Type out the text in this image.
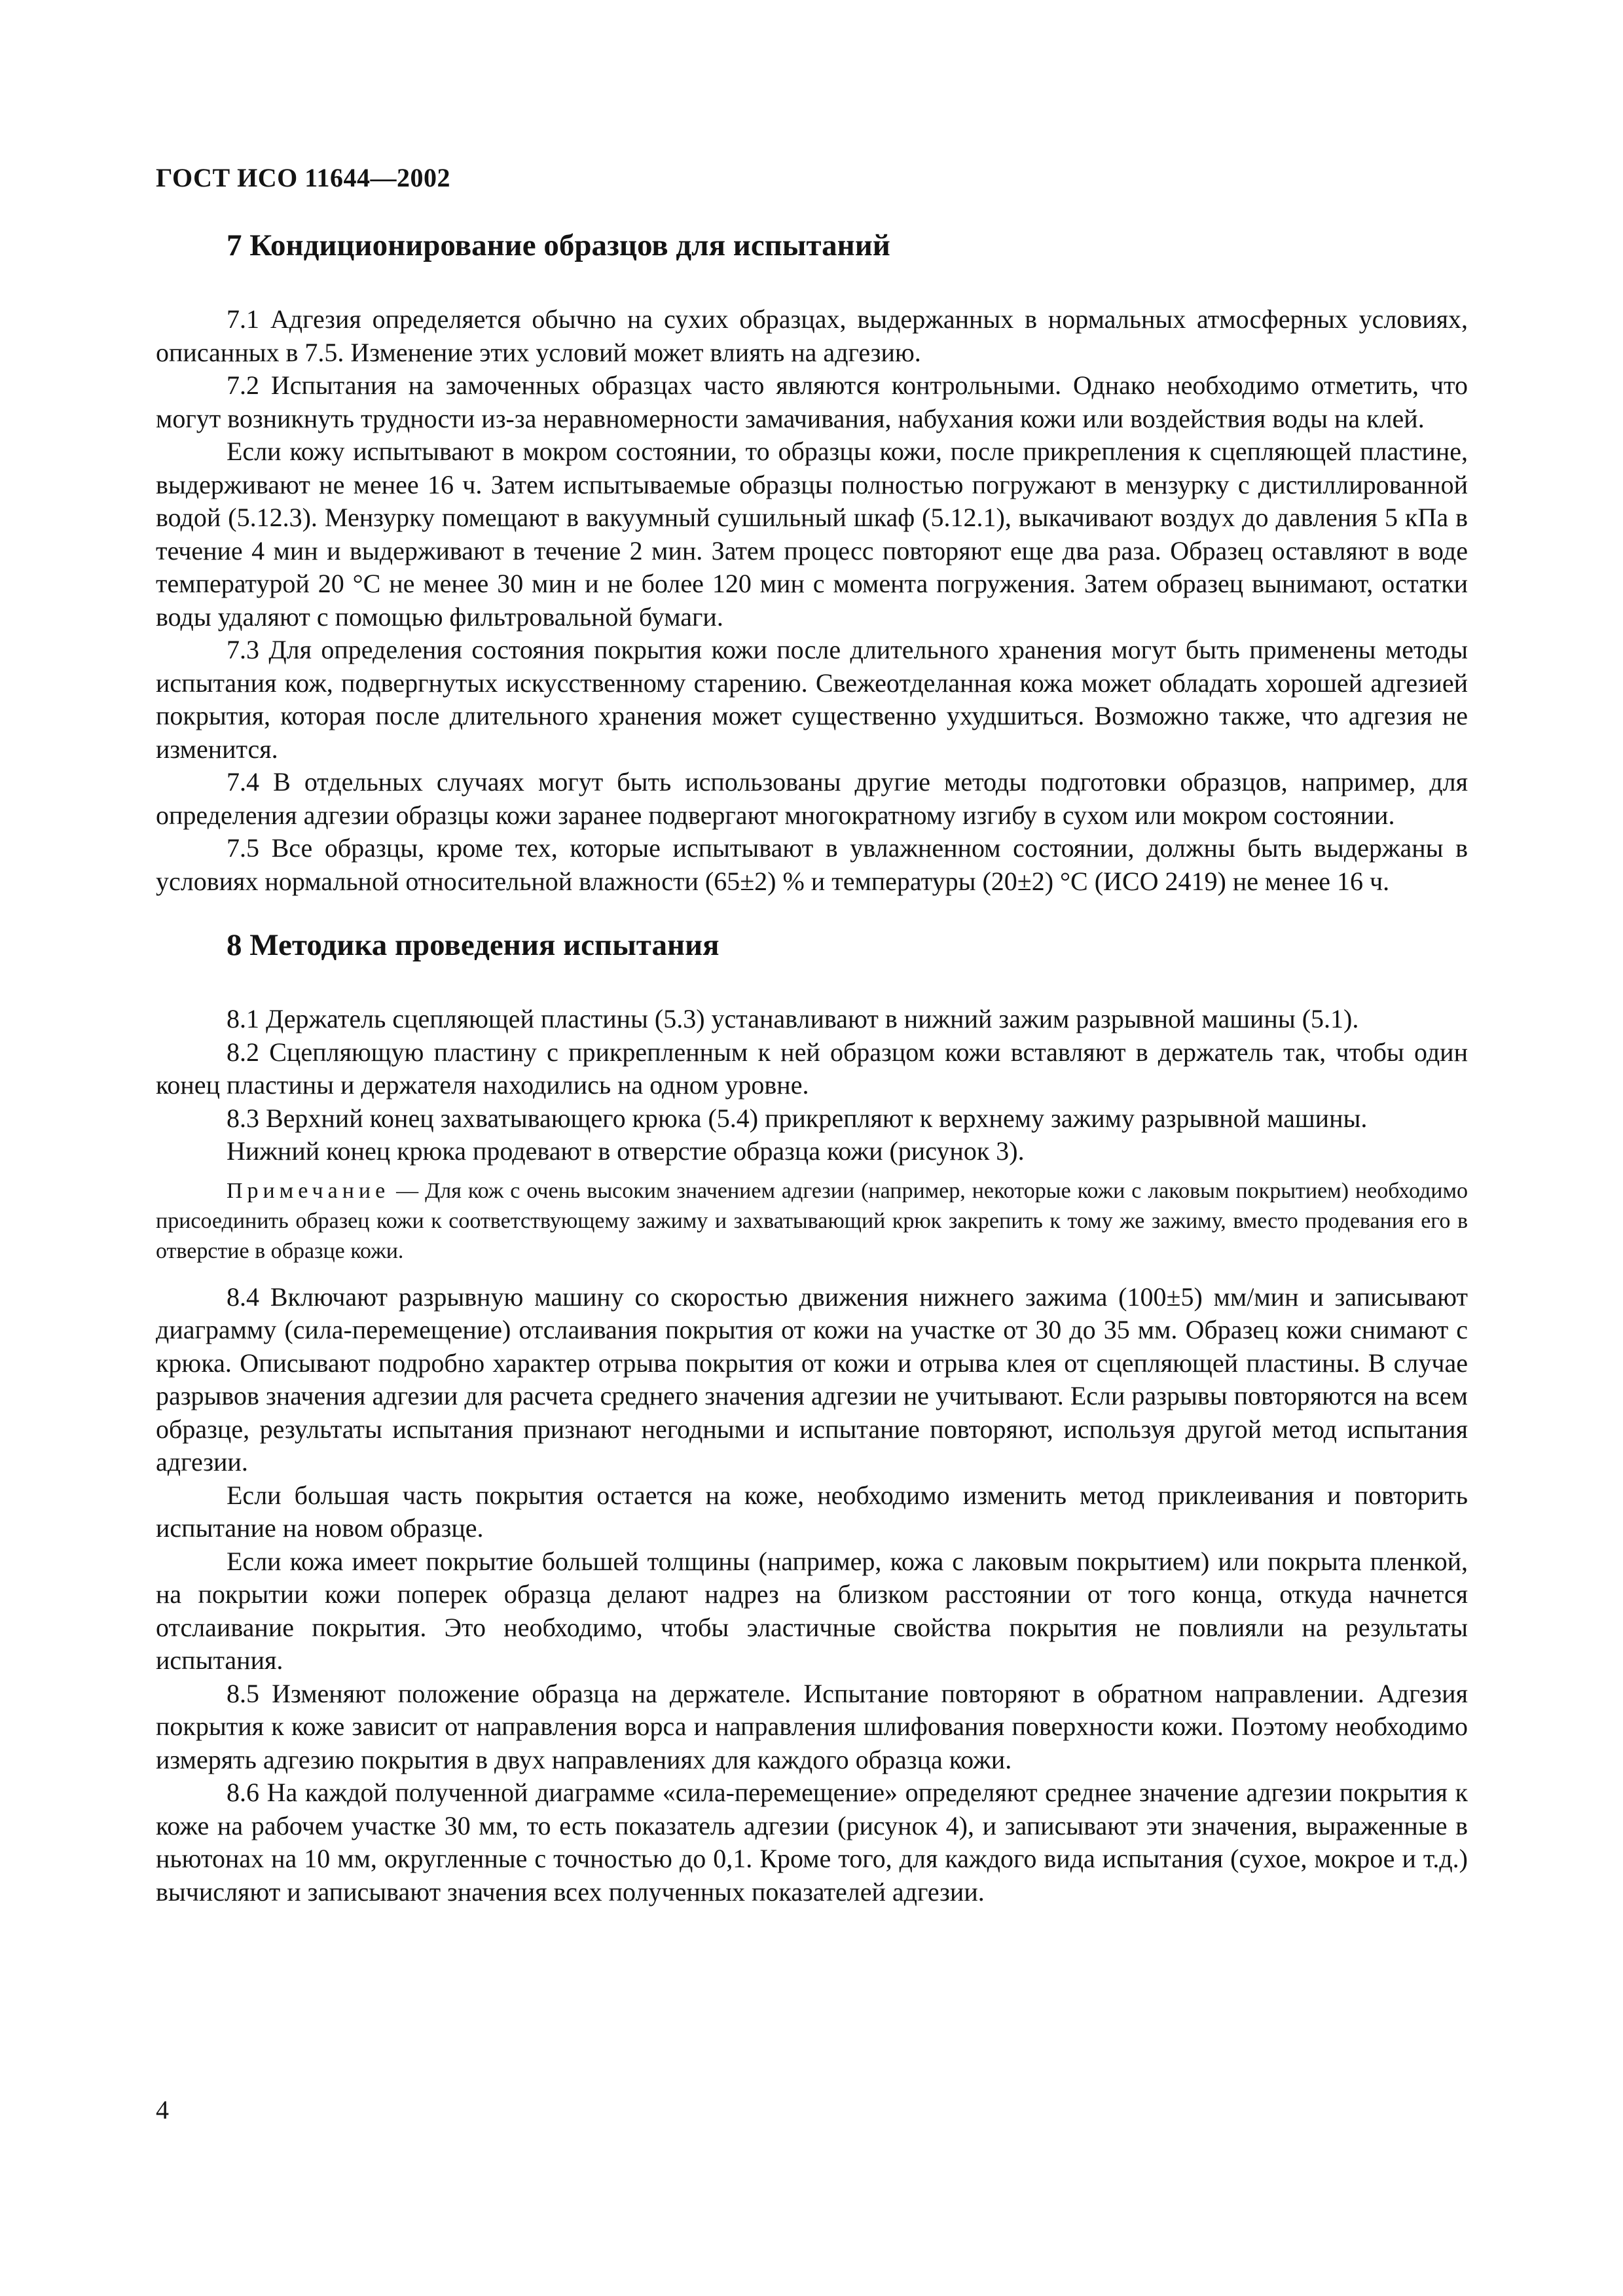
ГОСТ ИСО 11644—2002
7 Кондиционирование образцов для испытаний

7.1 Адгезия определяется обычно на сухих образцах, выдержанных в нормальных атмосферных условиях, описанных в 7.5. Изменение этих условий может влиять на адгезию.

7.2 Испытания на замоченных образцах часто являются контрольными. Однако необходимо отметить, что могут возникнуть трудности из-за неравномерности замачивания, набухания кожи или воздействия воды на клей.

Если кожу испытывают в мокром состоянии, то образцы кожи, после прикрепления к сцепляющей пластине, выдерживают не менее 16 ч. Затем испытываемые образцы полностью погружают в мензурку с дистиллированной водой (5.12.3). Мензурку помещают в вакуумный сушильный шкаф (5.12.1), выкачивают воздух до давления 5 кПа в течение 4 мин и выдерживают в течение 2 мин. Затем процесс повторяют еще два раза. Образец оставляют в воде температурой 20 °С не менее 30 мин и не более 120 мин с момента погружения. Затем образец вынимают, остатки воды удаляют с помощью фильтровальной бумаги.

7.3 Для определения состояния покрытия кожи после длительного хранения могут быть применены методы испытания кож, подвергнутых искусственному старению. Свежеотделанная кожа может обладать хорошей адгезией покрытия, которая после длительного хранения может существенно ухудшиться. Возможно также, что адгезия не изменится.

7.4 В отдельных случаях могут быть использованы другие методы подготовки образцов, например, для определения адгезии образцы кожи заранее подвергают многократному изгибу в сухом или мокром состоянии.

7.5 Все образцы, кроме тех, которые испытывают в увлажненном состоянии, должны быть выдержаны в условиях нормальной относительной влажности (65±2) % и температуры (20±2) °С (ИСО 2419) не менее 16 ч.

8 Методика проведения испытания

8.1 Держатель сцепляющей пластины (5.3) устанавливают в нижний зажим разрывной машины (5.1).

8.2 Сцепляющую пластину с прикрепленным к ней образцом кожи вставляют в держатель так, чтобы один конец пластины и держателя находились на одном уровне.

8.3 Верхний конец захватывающего крюка (5.4) прикрепляют к верхнему зажиму разрывной машины.

Нижний конец крюка продевают в отверстие образца кожи (рисунок 3).

Примечание — Для кож с очень высоким значением адгезии (например, некоторые кожи с лаковым покрытием) необходимо присоединить образец кожи к соответствующему зажиму и захватывающий крюк закрепить к тому же зажиму, вместо продевания его в отверстие в образце кожи.

8.4 Включают разрывную машину со скоростью движения нижнего зажима (100±5) мм/мин и записывают диаграмму (сила-перемещение) отслаивания покрытия от кожи на участке от 30 до 35 мм. Образец кожи снимают с крюка. Описывают подробно характер отрыва покрытия от кожи и отрыва клея от сцепляющей пластины. В случае разрывов значения адгезии для расчета среднего значения адгезии не учитывают. Если разрывы повторяются на всем образце, результаты испытания признают негодными и испытание повторяют, используя другой метод испытания адгезии.

Если большая часть покрытия остается на коже, необходимо изменить метод приклеивания и повторить испытание на новом образце.

Если кожа имеет покрытие большей толщины (например, кожа с лаковым покрытием) или покрыта пленкой, на покрытии кожи поперек образца делают надрез на близком расстоянии от того конца, откуда начнется отслаивание покрытия. Это необходимо, чтобы эластичные свойства покрытия не повлияли на результаты испытания.

8.5 Изменяют положение образца на держателе. Испытание повторяют в обратном направлении. Адгезия покрытия к коже зависит от направления ворса и направления шлифования поверхности кожи. Поэтому необходимо измерять адгезию покрытия в двух направлениях для каждого образца кожи.

8.6 На каждой полученной диаграмме «сила-перемещение» определяют среднее значение адгезии покрытия к коже на рабочем участке 30 мм, то есть показатель адгезии (рисунок 4), и записывают эти значения, выраженные в ньютонах на 10 мм, округленные с точностью до 0,1. Кроме того, для каждого вида испытания (сухое, мокрое и т.д.) вычисляют и записывают значения всех полученных показателей адгезии.

4
